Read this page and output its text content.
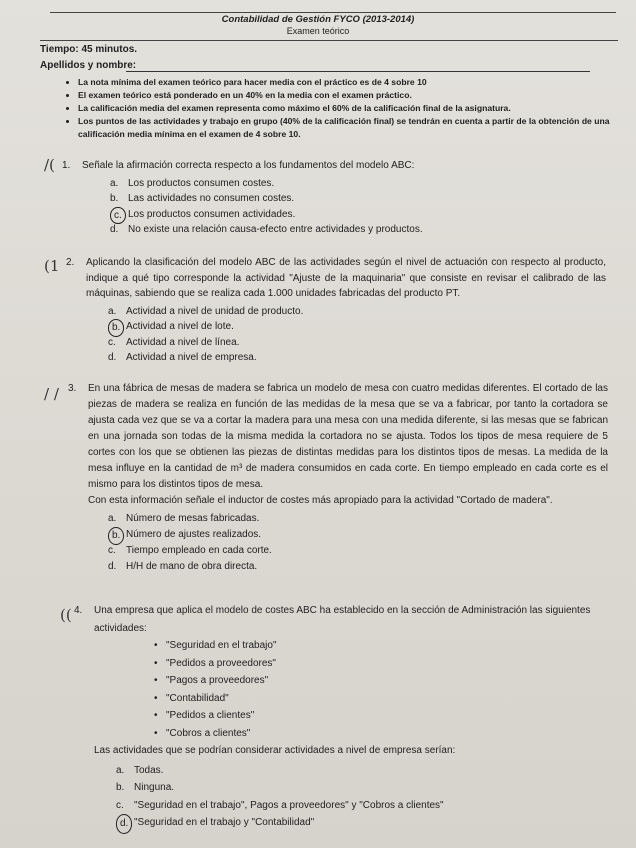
Contabilidad de Gestión FYCO (2013-2014)
Examen teórico
Tiempo: 45 minutos.
Apellidos y nombre:
• La nota mínima del examen teórico para hacer media con el práctico es de 4 sobre 10
• El examen teórico está ponderado en un 40% en la media con el examen práctico.
• La calificación media del examen representa como máximo el 60% de la calificación final de la asignatura.
• Los puntos de las actividades y trabajo en grupo (40% de la calificación final) se tendrán en cuenta a partir de la obtención de una calificación media mínima en el examen de 4 sobre 10.
/( 1. Señale la afirmación correcta respecto a los fundamentos del modelo ABC:
a. Los productos consumen costes.
b. Las actividades no consumen costes.
c. Los productos consumen actividades.
d. No existe una relación causa-efecto entre actividades y productos.
(1 2. Aplicando la clasificación del modelo ABC de las actividades según el nivel de actuación con respecto al producto, indique a qué tipo corresponde la actividad "Ajuste de la maquinaria" que consiste en revisar el calibrado de las máquinas, sabiendo que se realiza cada 1.000 unidades fabricadas del producto PT.
a. Actividad a nivel de unidad de producto.
b. Actividad a nivel de lote.
c. Actividad a nivel de línea.
d. Actividad a nivel de empresa.
/ / 3. En una fábrica de mesas de madera se fabrica un modelo de mesa con cuatro medidas diferentes. El cortado de las piezas de madera se realiza en función de las medidas de la mesa que se va a fabricar, por tanto la cortadora se ajusta cada vez que se va a cortar la madera para una mesa con una medida diferente, si las mesas que se fabrican en una jornada son todas de la misma medida la cortadora no se ajusta. Todos los tipos de mesa requiere de 5 cortes con los que se obtienen las piezas de distintas medidas para los distintos tipos de mesas. La medida de la mesa influye en la cantidad de m³ de madera consumidos en cada corte. En tiempo empleado en cada corte es el mismo para los distintos tipos de mesa.
Con esta información señale el inductor de costes más apropiado para la actividad "Cortado de madera".
a. Número de mesas fabricadas.
b. Número de ajustes realizados.
c. Tiempo empleado en cada corte.
d. H/H de mano de obra directa.
(( 4. Una empresa que aplica el modelo de costes ABC ha establecido en la sección de Administración las siguientes actividades:
• "Seguridad en el trabajo"
• "Pedidos a proveedores"
• "Pagos a proveedores"
• "Contabilidad"
• "Pedidos a clientes"
• "Cobros a clientes"
Las actividades que se podrían considerar actividades a nivel de empresa serían:
a. Todas.
b. Ninguna.
c. "Seguridad en el trabajo", Pagos a proveedores" y "Cobros a clientes"
d. "Seguridad en el trabajo y "Contabilidad"
